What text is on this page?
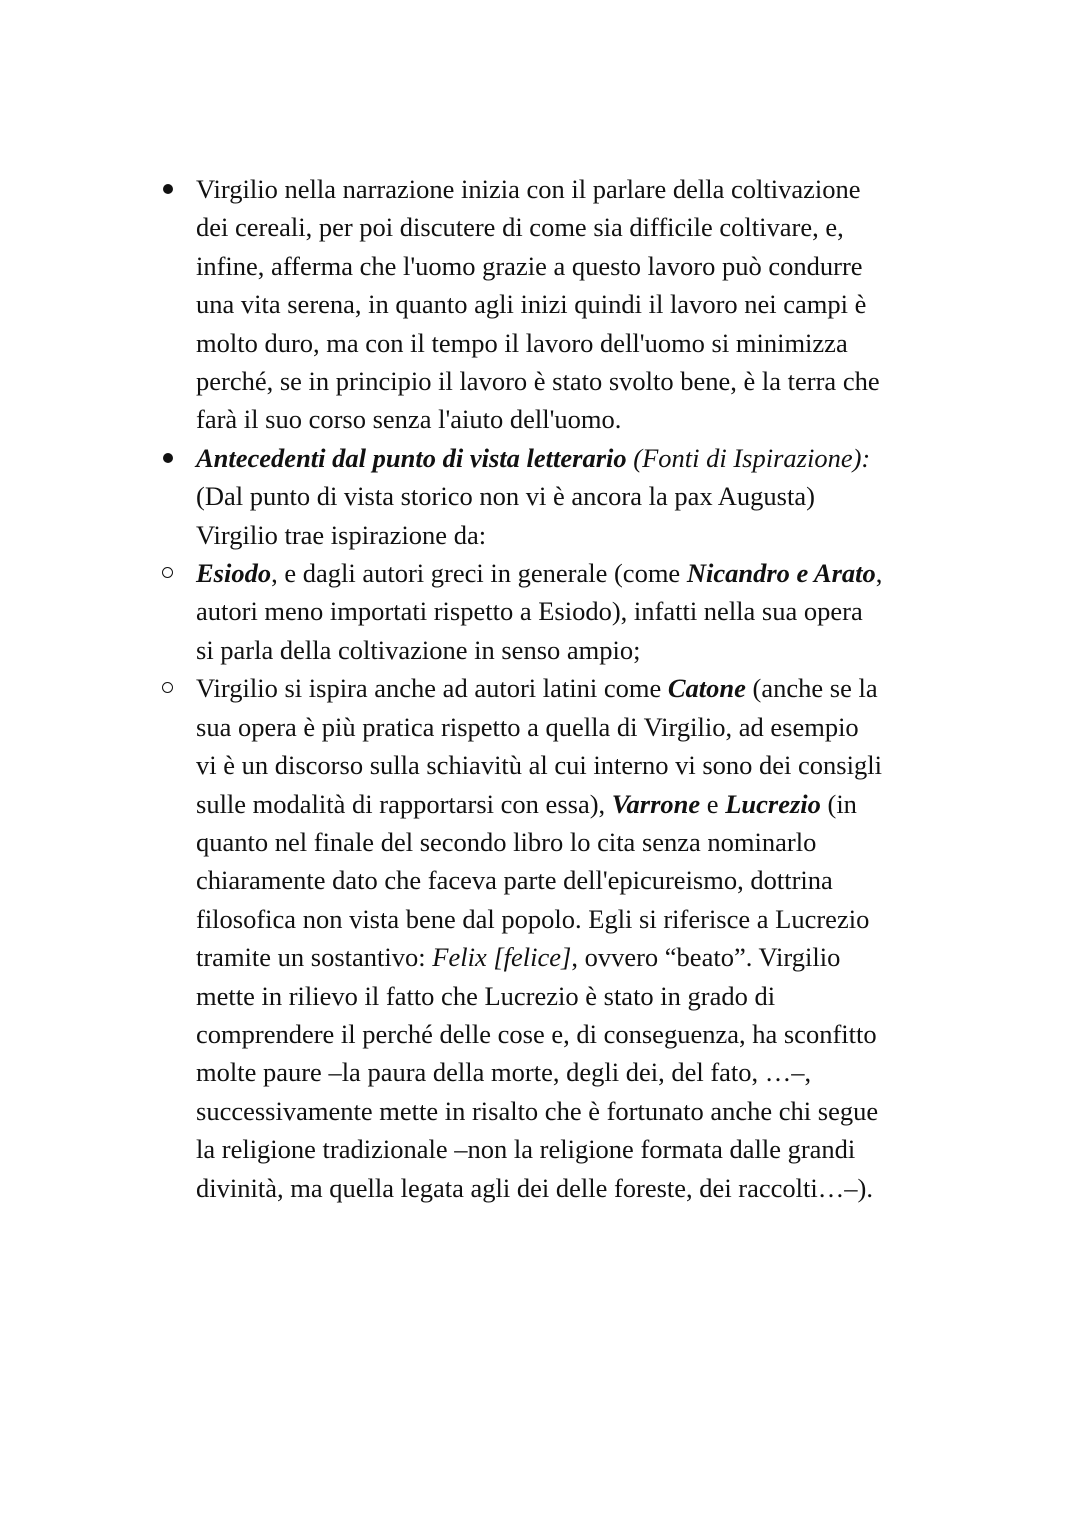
Virgilio nella narrazione inizia con il parlare della coltivazione
dei cereali, per poi discutere di come sia difficile coltivare, e,
infine, afferma che l'uomo grazie a questo lavoro può condurre
una vita serena, in quanto agli inizi quindi il lavoro nei campi è
molto duro, ma con il tempo il lavoro dell'uomo si minimizza
perché, se in principio il lavoro è stato svolto bene, è la terra che
farà il suo corso senza l'aiuto dell'uomo.
Antecedenti dal punto di vista letterario (Fonti di Ispirazione):
(Dal punto di vista storico non vi è ancora la pax Augusta)
Virgilio trae ispirazione da:
Esiodo, e dagli autori greci in generale (come Nicandro e Arato,
autori meno importati rispetto a Esiodo), infatti nella sua opera
si parla della coltivazione in senso ampio;
Virgilio si ispira anche ad autori latini come Catone (anche se la
sua opera è più pratica rispetto a quella di Virgilio, ad esempio
vi è un discorso sulla schiavitù al cui interno vi sono dei consigli
sulle modalità di rapportarsi con essa), Varrone e Lucrezio (in
quanto nel finale del secondo libro lo cita senza nominarlo
chiaramente dato che faceva parte dell'epicureismo, dottrina
filosofica non vista bene dal popolo. Egli si riferisce a Lucrezio
tramite un sostantivo: Felix [felice], ovvero “beato”. Virgilio
mette in rilievo il fatto che Lucrezio è stato in grado di
comprendere il perché delle cose e, di conseguenza, ha sconfitto
molte paure –la paura della morte, degli dei, del fato, …–,
successivamente mette in risalto che è fortunato anche chi segue
la religione tradizionale –non la religione formata dalle grandi
divinità, ma quella legata agli dei delle foreste, dei raccolti…–).
